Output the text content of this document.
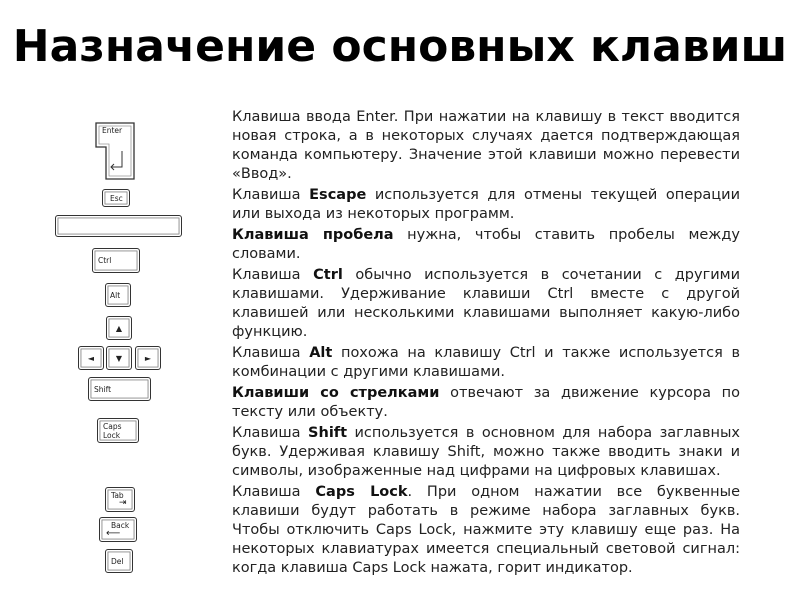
Назначение основных клавиш

Клавиша ввода Enter. При нажатии на клавишу в текст вводится новая строка, а в некоторых случаях дается подтверждающая команда компьютеру. Значение этой клавиши можно перевести «Ввод».

Клавиша Escape используется для отмены текущей операции или выхода из некоторых программ.

Клавиша пробела нужна, чтобы ставить пробелы между словами.

Клавиша Ctrl обычно используется в сочетании с другими клавишами. Удерживание клавиши Ctrl вместе с другой клавишей или несколькими клавишами выполняет какую-либо функцию.

Клавиша Alt похожа на клавишу Ctrl и также используется в комбинации с другими клавишами.

Клавиши со стрелками отвечают за движение курсора по тексту или объекту.

Клавиша Shift используется в основном для набора заглавных букв. Удерживая клавишу Shift, можно также вводить знаки и символы, изображенные над цифрами на цифровых клавишах.

Клавиша Caps Lock. При одном нажатии все буквенные клавиши будут работать в режиме набора заглавных букв. Чтобы отключить Caps Lock, нажмите эту клавишу еще раз. На некоторых клавиатурах имеется специальный световой сигнал: когда клавиша Caps Lock нажата, горит индикатор.

Enter
Esc
Ctrl
Alt
▲
◄	▼	►
Shift
Caps
Lock
Tab
⇥
Back
⟵
Del
